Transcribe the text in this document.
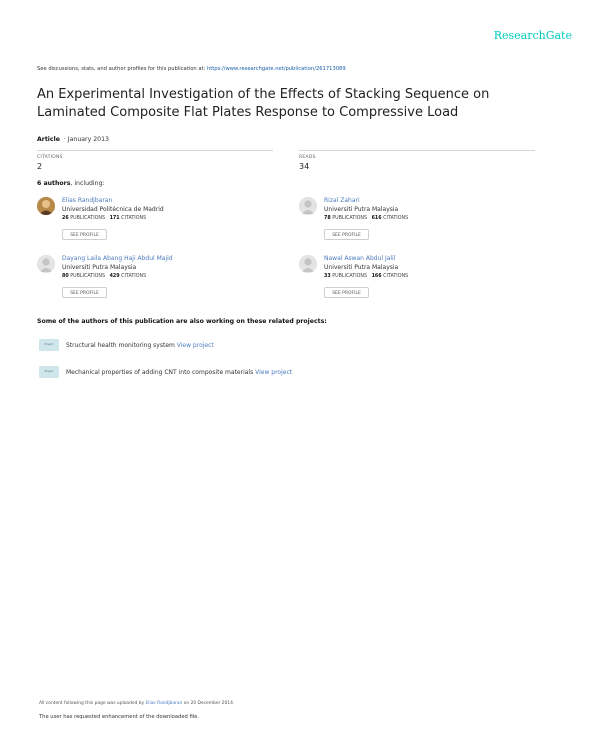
ResearchGate
See discussions, stats, and author profiles for this publication at: https://www.researchgate.net/publication/261713089
An Experimental Investigation of the Effects of Stacking Sequence on Laminated Composite Flat Plates Response to Compressive Load
Article  · January 2013
CITATIONS
2
READS
34
6 authors, including:
Elias Randjbaran
Universidad Politécnica de Madrid
26 PUBLICATIONS 171 CITATIONS
SEE PROFILE
Rizal Zahari
Universiti Putra Malaysia
78 PUBLICATIONS 616 CITATIONS
SEE PROFILE
Dayang Laila Abang Haji Abdul Majid
Universiti Putra Malaysia
80 PUBLICATIONS 429 CITATIONS
SEE PROFILE
Nawal Aswan Abdul Jalil
Universiti Putra Malaysia
33 PUBLICATIONS 166 CITATIONS
SEE PROFILE
Some of the authors of this publication are also working on these related projects:
Project	Structural health monitoring system View project
Project	Mechanical properties of adding CNT into composite materials View project
All content following this page was uploaded by Elias Randjbaran on 20 December 2014.
The user has requested enhancement of the downloaded file.
